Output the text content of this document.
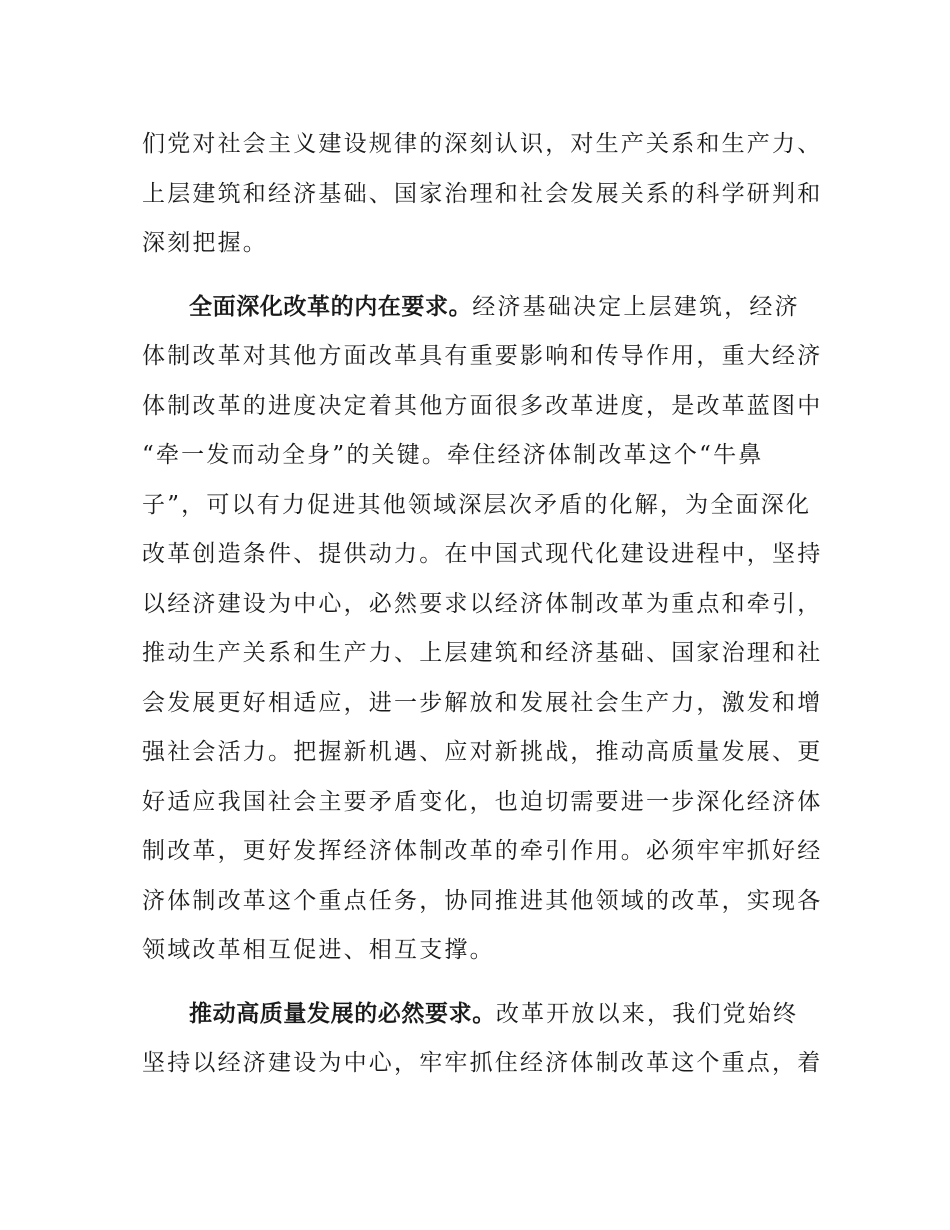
们党对社会主义建设规律的深刻认识，对生产关系和生产力、
上层建筑和经济基础、国家治理和社会发展关系的科学研判和
深刻把握。
全面深化改革的内在要求。经济基础决定上层建筑，经济
体制改革对其他方面改革具有重要影响和传导作用，重大经济
体制改革的进度决定着其他方面很多改革进度，是改革蓝图中
“牵一发而动全身”的关键。牵住经济体制改革这个“牛鼻
子”，可以有力促进其他领域深层次矛盾的化解，为全面深化
改革创造条件、提供动力。在中国式现代化建设进程中，坚持
以经济建设为中心，必然要求以经济体制改革为重点和牵引，
推动生产关系和生产力、上层建筑和经济基础、国家治理和社
会发展更好相适应，进一步解放和发展社会生产力，激发和增
强社会活力。把握新机遇、应对新挑战，推动高质量发展、更
好适应我国社会主要矛盾变化，也迫切需要进一步深化经济体
制改革，更好发挥经济体制改革的牵引作用。必须牢牢抓好经
济体制改革这个重点任务，协同推进其他领域的改革，实现各
领域改革相互促进、相互支撑。
推动高质量发展的必然要求。改革开放以来，我们党始终
坚持以经济建设为中心，牢牢抓住经济体制改革这个重点，着
